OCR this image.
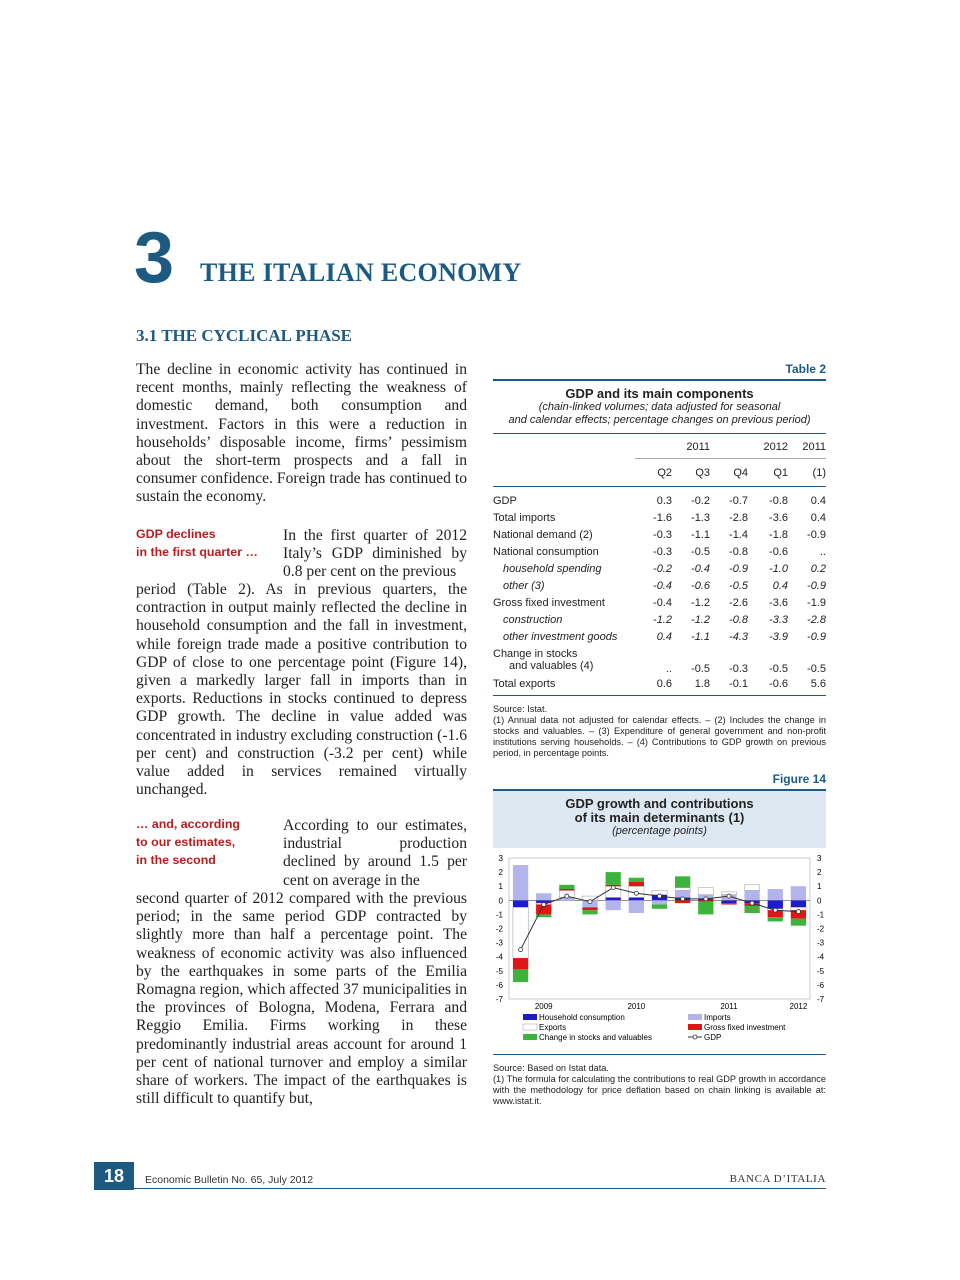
3 THE ITALIAN ECONOMY
3.1 THE CYCLICAL PHASE

The decline in economic activity has continued in recent months, mainly reflecting the weakness of domestic demand, both consumption and investment. Factors in this were a reduction in households’ disposable income, firms’ pessimism about the short-term prospects and a fall in consumer confidence. Foreign trade has continued to sustain the economy.

GDP declines
in the first quarter …
In the first quarter of 2012 Italy’s GDP diminished by 0.8 per cent on the previous

period (Table 2). As in previous quarters, the contraction in output mainly reflected the decline in household consumption and the fall in investment, while foreign trade made a positive contribution to GDP of close to one percentage point (Figure 14), given a markedly larger fall in imports than in exports. Reductions in stocks continued to depress GDP growth. The decline in value added was concentrated in industry excluding construction (-1.6 per cent) and construction (-3.2 per cent) while value added in services remained virtually unchanged.

… and, according
to our estimates,
in the second
According to our estimates, industrial production declined by around 1.5 per cent on average in the

second quarter of 2012 compared with the previous period; in the same period GDP contracted by slightly more than half a percentage point. The weakness of economic activity was also influenced by the earthquakes in some parts of the Emilia Romagna region, which affected 37 municipalities in the provinces of Bologna, Modena, Ferrara and Reggio Emilia. Firms working in these predominantly industrial areas account for around 1 per cent of national turnover and employ a similar share of workers. The impact of the earthquakes is still difficult to quantify but,

Table 2
GDP and its main components
(chain-linked volumes; data adjusted for seasonal
and calendar effects; percentage changes on previous period)
		2011		2012	2011
	Q2	Q3	Q4	Q1	(1)
GDP	0.3	-0.2	-0.7	-0.8	0.4
Total imports	-1.6	-1.3	-2.8	-3.6	0.4
National demand (2)	-0.3	-1.1	-1.4	-1.8	-0.9
National consumption	-0.3	-0.5	-0.8	-0.6	..
household spending	-0.2	-0.4	-0.9	-1.0	0.2
other (3)	-0.4	-0.6	-0.5	0.4	-0.9
Gross fixed investment	-0.4	-1.2	-2.6	-3.6	-1.9
construction	-1.2	-1.2	-0.8	-3.3	-2.8
other investment goods	0.4	-1.1	-4.3	-3.9	-0.9

Change in stocks
and valuables (4)	..	-0.5	-0.3	-0.5	-0.5
Total exports	0.6	1.8	-0.1	-0.6	5.6
Source: Istat.
(1) Annual data not adjusted for calendar effects. – (2) Includes the change in stocks and valuables. – (3) Expenditure of general government and non-profit institutions serving households. – (4) Contributions to GDP growth on previous period, in percentage points.
Figure 14
GDP growth and contributions
of its main determinants (1)
(percentage points)
3	3
2	2
1	1
0	0
-1	-1
-2	-2
-3	-3
-4	-4
-5	-5
-6	-6
-7	-7
2009	2010	2011	2012
Household consumption	Imports
Exports	Gross fixed investment
Change in stocks and valuables	GDP
Source: Based on Istat data.
(1) The formula for calculating the contributions to real GDP growth in accordance with the methodology for price deflation based on chain linking is available at: www.istat.it.
18	Economic Bulletin No. 65, July 2012	BANCA D’ITALIA
